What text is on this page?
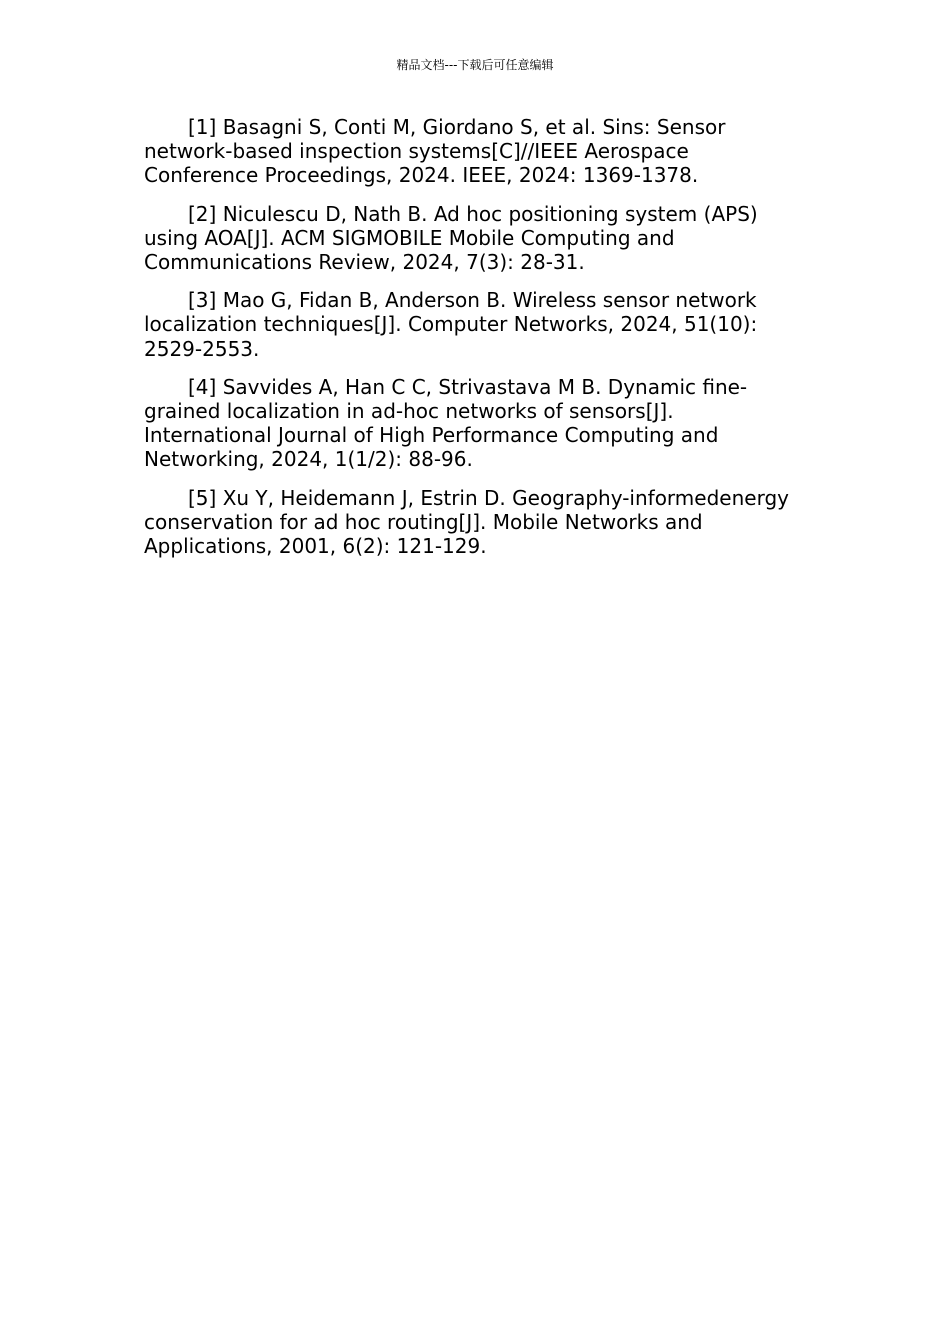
精品文档---下载后可任意编辑

[1] Basagni S, Conti M, Giordano S, et al. Sins: Sensor network-based inspection systems[C]//IEEE Aerospace Conference Proceedings, 2024. IEEE, 2024: 1369-1378.

[2] Niculescu D, Nath B. Ad hoc positioning system (APS) using AOA[J]. ACM SIGMOBILE Mobile Computing and Communications Review, 2024, 7(3): 28-31.

[3] Mao G, Fidan B, Anderson B. Wireless sensor network localization techniques[J]. Computer Networks, 2024, 51(10): 2529-2553.

[4] Savvides A, Han C C, Strivastava M B. Dynamic fine-grained localization in ad-hoc networks of sensors[J]. International Journal of High Performance Computing and Networking, 2024, 1(1/2): 88-96.

[5] Xu Y, Heidemann J, Estrin D. Geography-informedenergy conservation for ad hoc routing[J]. Mobile Networks and Applications, 2001, 6(2): 121-129.
